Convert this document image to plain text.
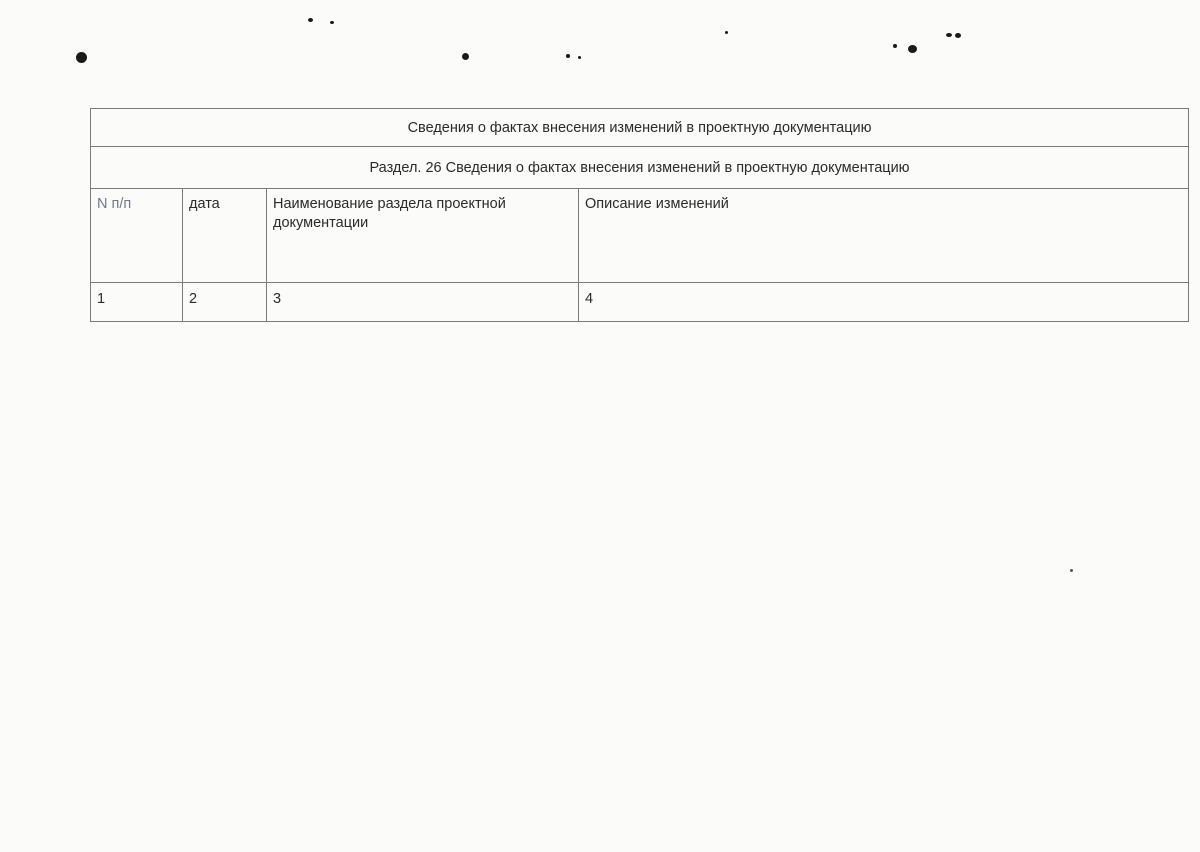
Сведения о фактах внесения изменений в проектную документацию			
Раздел. 26 Сведения о фактах внесения изменений в проектную документацию			
N п/п	дата	Наименование раздела проектной документации	Описание изменений
1	2	3	4
